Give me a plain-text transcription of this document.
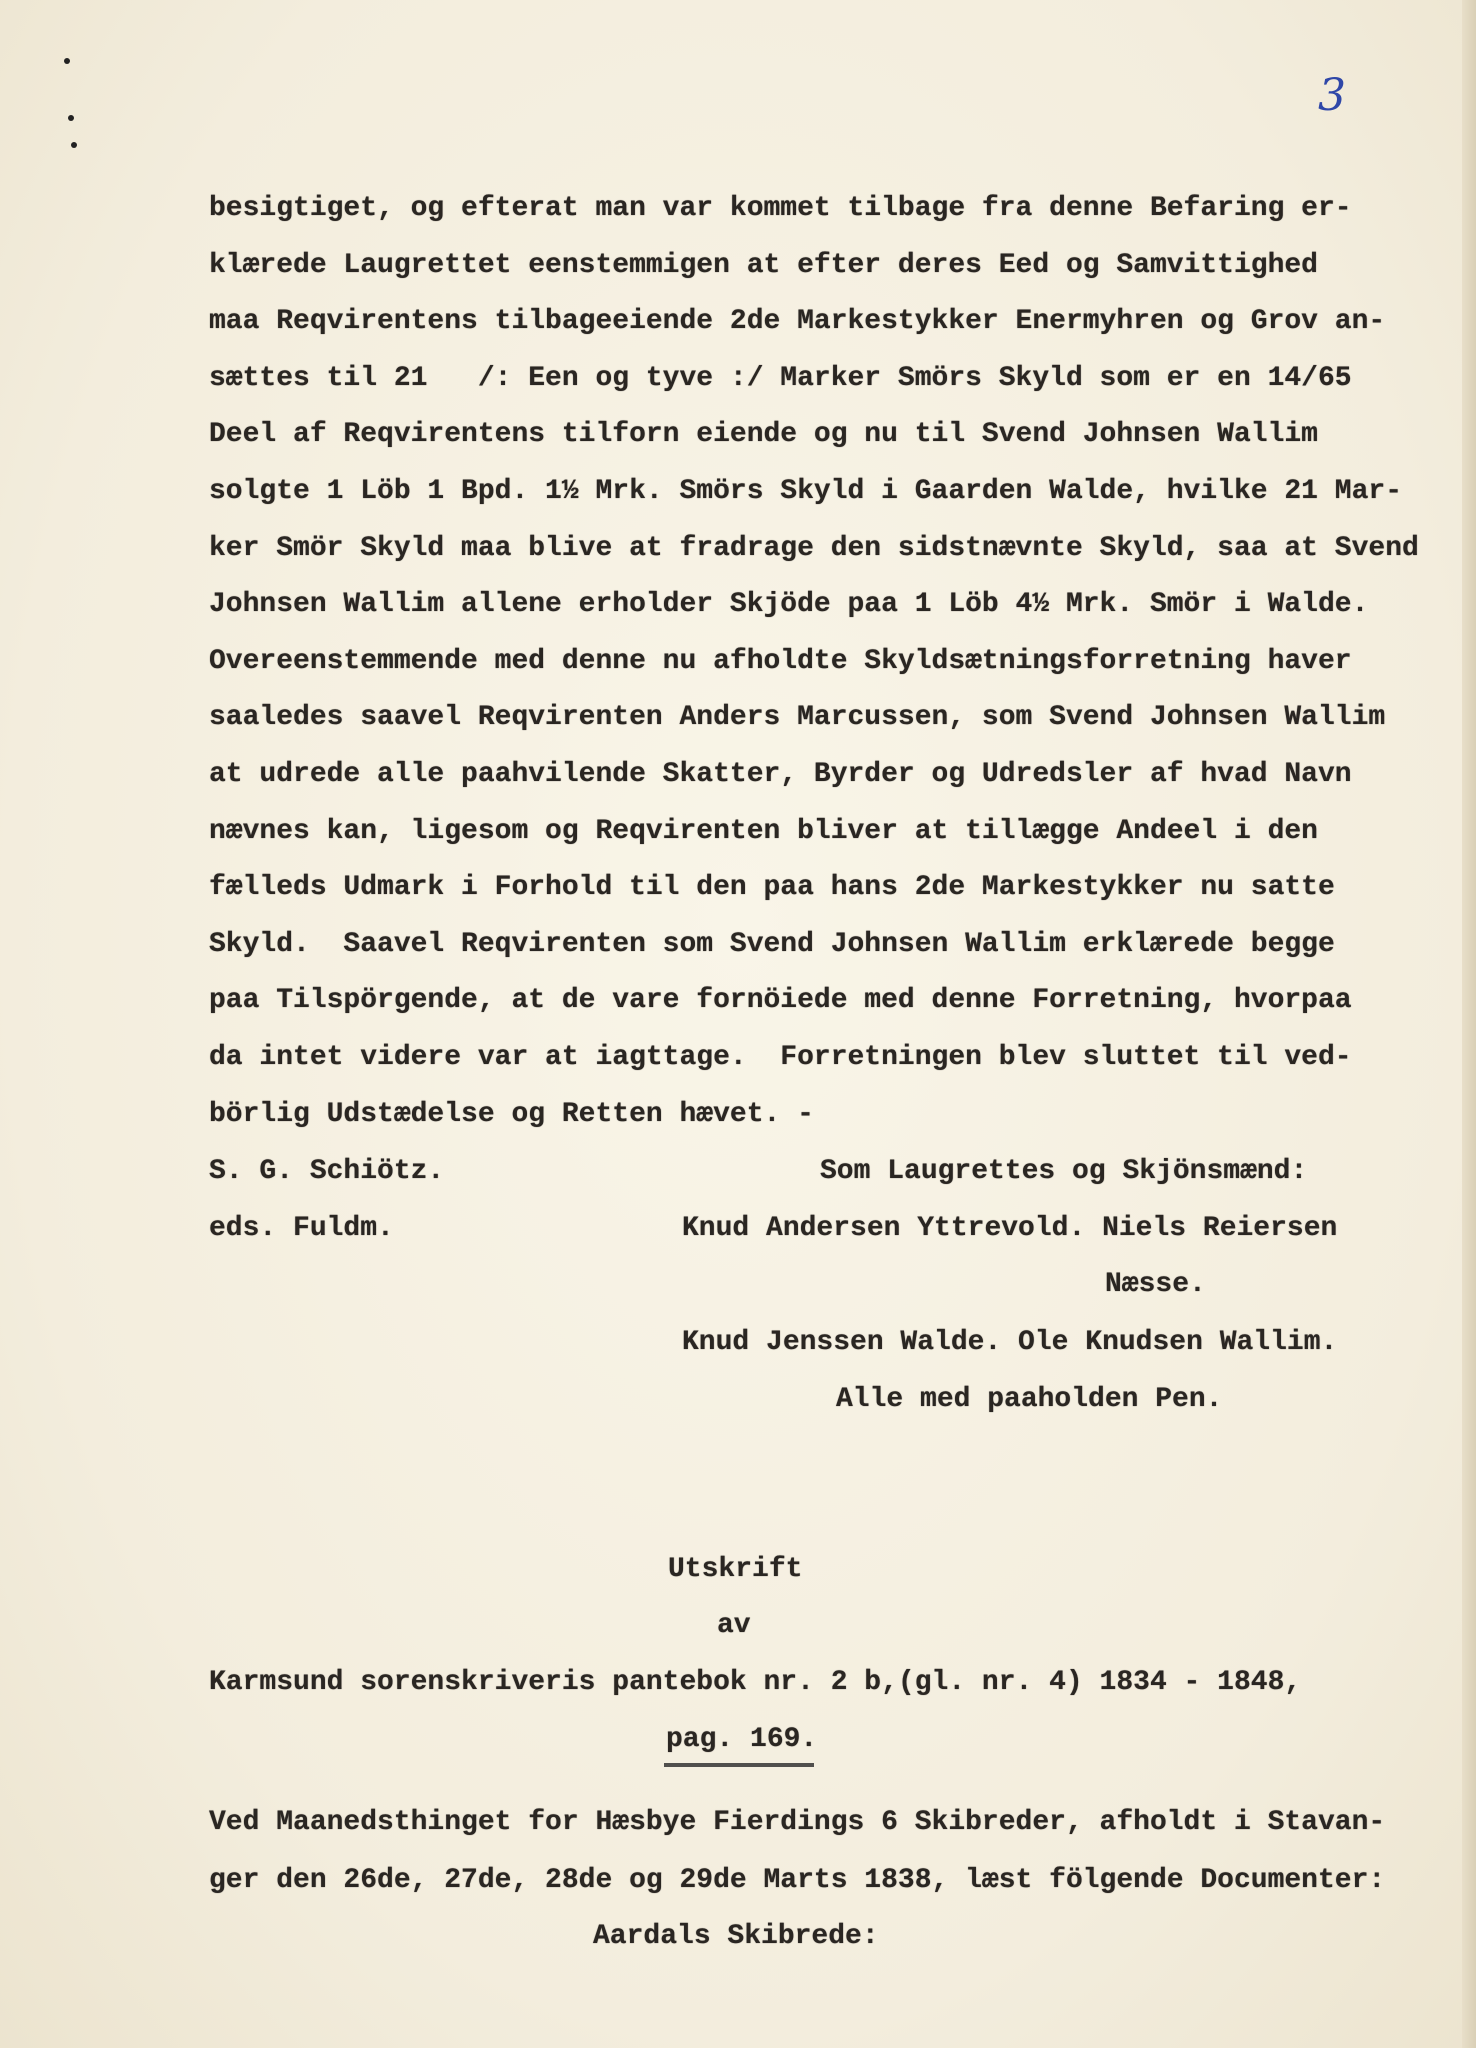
3
besigtiget, og efterat man var kommet tilbage fra denne Befaring er-
klærede Laugrettet eenstemmigen at efter deres Eed og Samvittighed
maa Reqvirentens tilbageeiende 2de Markestykker Enermyhren og Grov an-
sættes til 21   /: Een og tyve :/ Marker Smörs Skyld som er en 14/65
Deel af Reqvirentens tilforn eiende og nu til Svend Johnsen Wallim
solgte 1 Löb 1 Bpd. 1½ Mrk. Smörs Skyld i Gaarden Walde, hvilke 21 Mar-
ker Smör Skyld maa blive at fradrage den sidstnævnte Skyld, saa at Svend
Johnsen Wallim allene erholder Skjöde paa 1 Löb 4½ Mrk. Smör i Walde.
Overeenstemmende med denne nu afholdte Skyldsætningsforretning haver
saaledes saavel Reqvirenten Anders Marcussen, som Svend Johnsen Wallim
at udrede alle paahvilende Skatter, Byrder og Udredsler af hvad Navn
nævnes kan, ligesom og Reqvirenten bliver at tillægge Andeel i den
fælleds Udmark i Forhold til den paa hans 2de Markestykker nu satte
Skyld.  Saavel Reqvirenten som Svend Johnsen Wallim erklærede begge
paa Tilspörgende, at de vare fornöiede med denne Forretning, hvorpaa
da intet videre var at iagttage.  Forretningen blev sluttet til ved-
börlig Udstædelse og Retten hævet. -
S. G. Schiötz.	Som Laugrettes og Skjönsmænd:
eds. Fuldm.	Knud Andersen Yttrevold. Niels Reiersen
Næsse.
Knud Jenssen Walde. Ole Knudsen Wallim.
Alle med paaholden Pen.
Utskrift
av
Karmsund sorenskriveris pantebok nr. 2 b,(gl. nr. 4) 1834 - 1848,
pag. 169.
Ved Maanedsthinget for Hæsbye Fierdings 6 Skibreder, afholdt i Stavan-
ger den 26de, 27de, 28de og 29de Marts 1838, læst fölgende Documenter:
Aardals Skibrede:
